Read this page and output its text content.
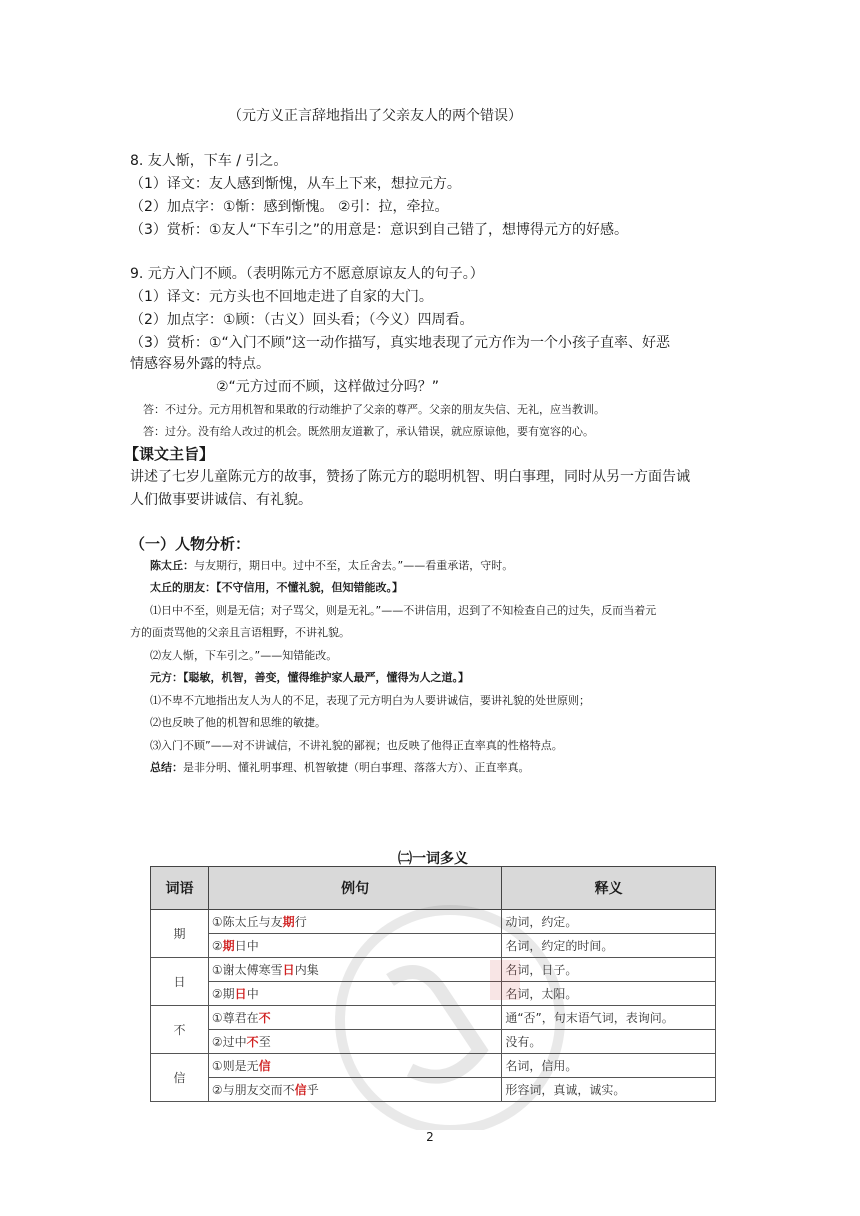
（元方义正言辞地指出了父亲友人的两个错误）
8. 友人惭，下车 / 引之。
（1）译文：友人感到惭愧，从车上下来，想拉元方。
（2）加点字：①惭：感到惭愧。 ②引：拉，牵拉。
（3）赏析：①友人“下车引之”的用意是：意识到自己错了，想博得元方的好感。
9. 元方入门不顾。（表明陈元方不愿意原谅友人的句子。）
（1）译文：元方头也不回地走进了自家的大门。
（2）加点字：①顾：（古义）回头看；（今义）四周看。
（3）赏析：①“入门不顾”这一动作描写，真实地表现了元方作为一个小孩子直率、好恶
情感容易外露的特点。
②“元方过而不顾，这样做过分吗？”
答：不过分。元方用机智和果敢的行动维护了父亲的尊严。父亲的朋友失信、无礼，应当教训。
答：过分。没有给人改过的机会。既然朋友道歉了，承认错误，就应原谅他，要有宽容的心。
【课文主旨】
讲述了七岁儿童陈元方的故事，赞扬了陈元方的聪明机智、明白事理，同时从另一方面告诫
人们做事要讲诚信、有礼貌。
（一）人物分析：
陈太丘：与友期行，期日中。过中不至，太丘舍去。”——看重承诺，守时。
太丘的朋友：【不守信用，不懂礼貌，但知错能改。】
⑴日中不至，则是无信；对子骂父，则是无礼。”——不讲信用，迟到了不知检查自己的过失，反而当着元
方的面责骂他的父亲且言语粗野，不讲礼貌。
⑵友人惭，下车引之。”——知错能改。
元方：【聪敏，机智，善变，懂得维护家人最严，懂得为人之道。】
⑴不卑不亢地指出友人为人的不足，表现了元方明白为人要讲诚信，要讲礼貌的处世原则；
⑵也反映了他的机智和思维的敏捷。
⑶入门不顾”——对不讲诚信，不讲礼貌的鄙视；也反映了他得正直率真的性格特点。
总结：是非分明、懂礼明事理、机智敏捷（明白事理、落落大方）、正直率真。
㈡一词多义
词语	例句	释义
期	①陈太丘与友期行	动词，约定。
	②期日中	名词，约定的时间。
日	①谢太傅寒雪日内集	名词，日子。
	②期日中	名词，太阳。
不	①尊君在不	通“否”，句末语气词，表询问。
	②过中不至	没有。
信	①则是无信	名词，信用。
	②与朋友交而不信乎	形容词，真诚，诚实。
2
